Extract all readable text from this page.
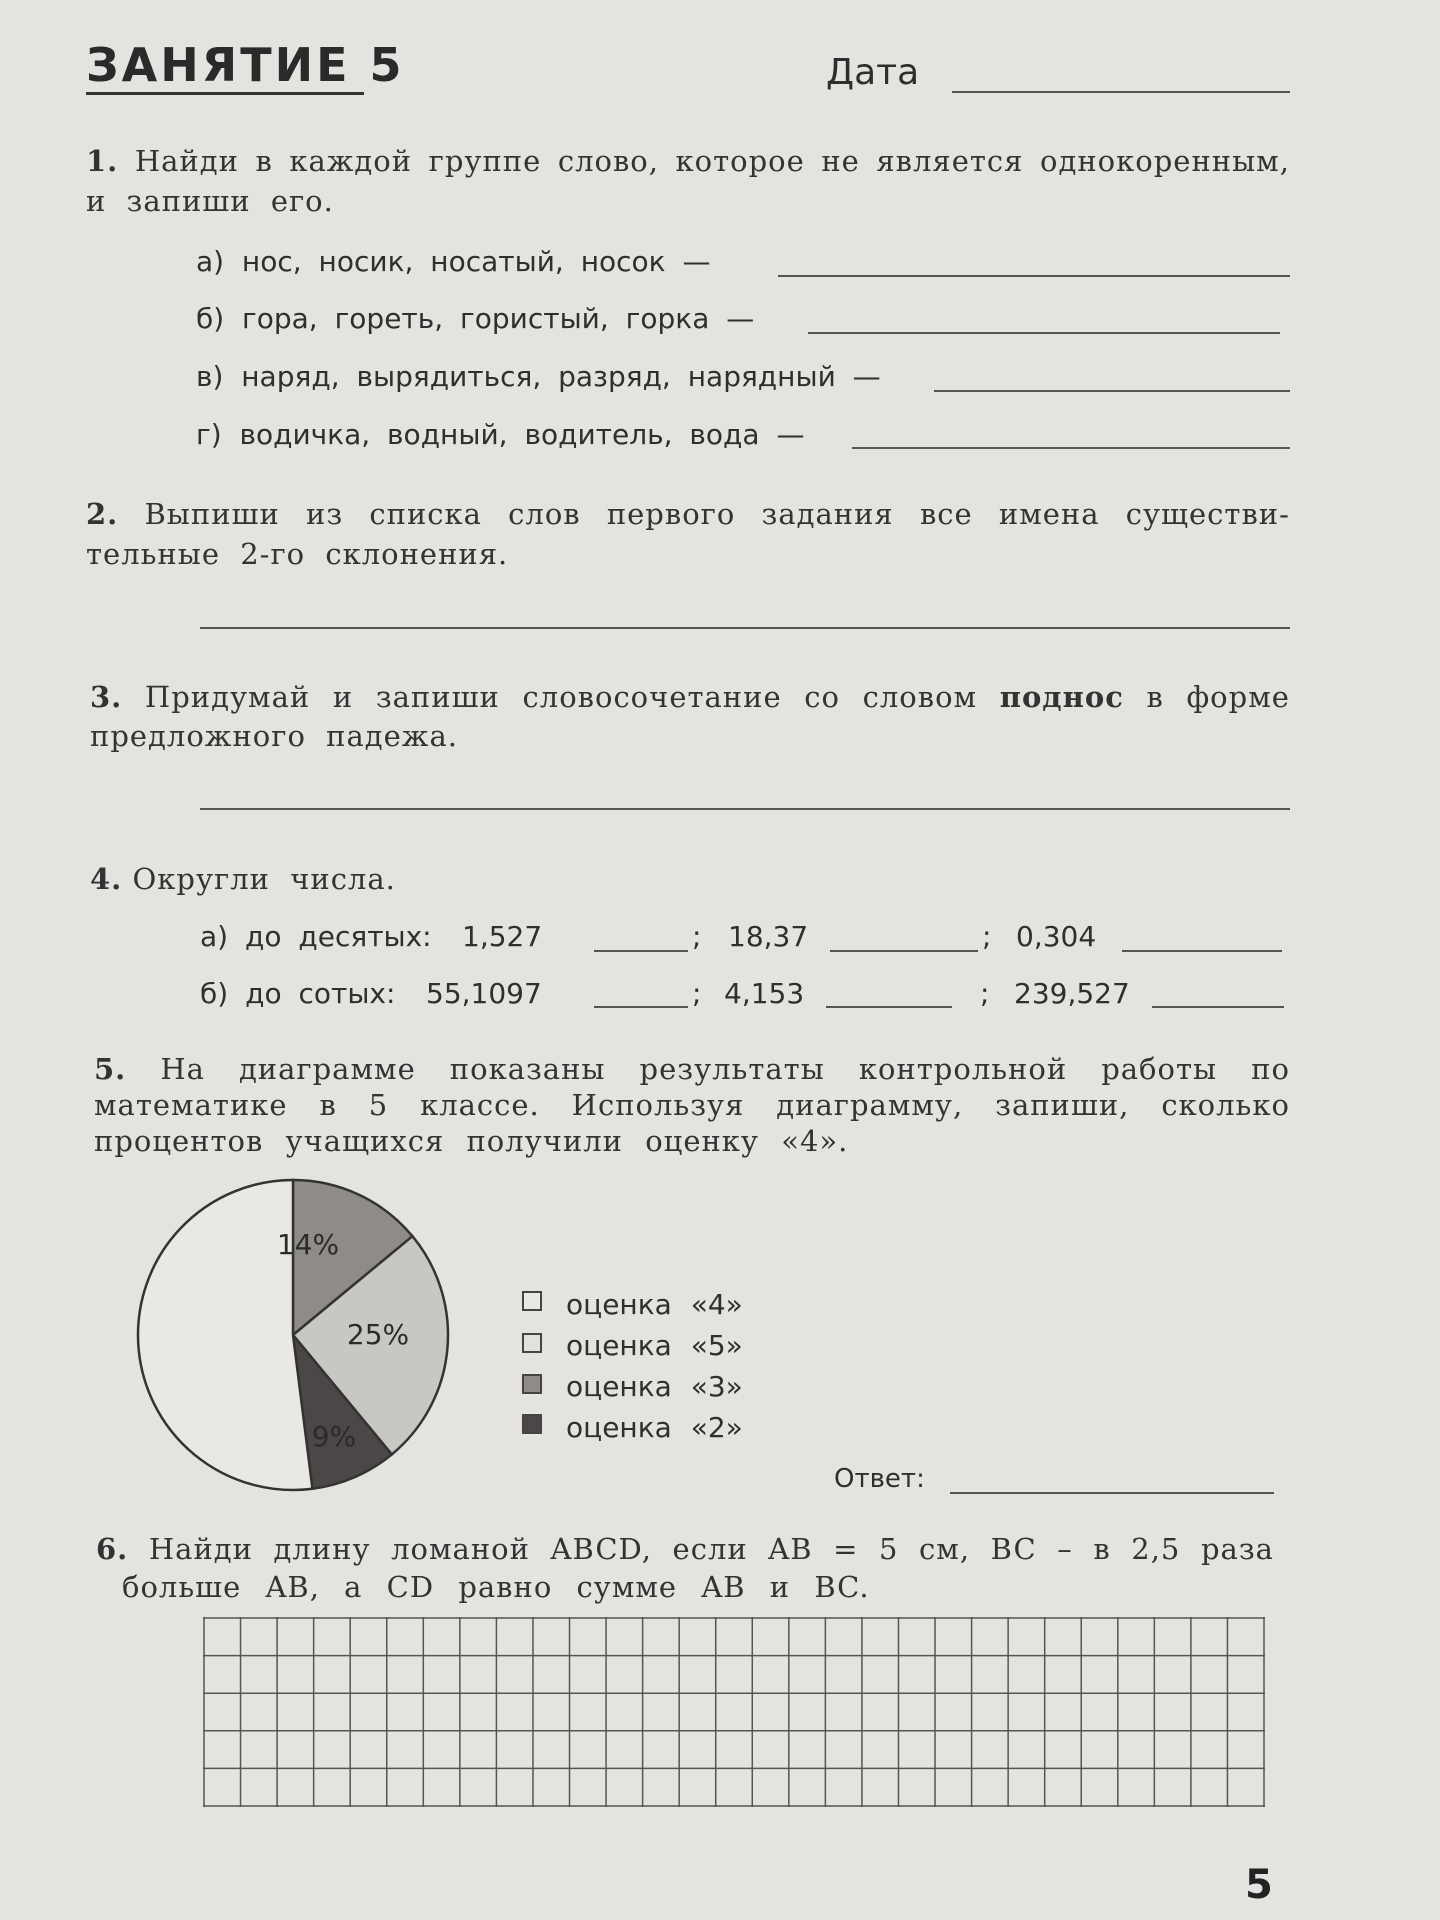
ЗАНЯТИЕ 5	Дата
1. Найди в каждой группе слово, которое не является однокоренным,
и запиши его.
а) нос, носик, носатый, носок —
б) гора, гореть, гористый, горка —
в) наряд, вырядиться, разряд, нарядный —
г) водичка, водный, водитель, вода —
2. Выпиши из списка слов первого задания все имена существи-
тельные 2-го склонения.
3. Придумай и запиши словосочетание со словом поднос в форме
предложного падежа.
4. Округли числа.
а) до десятых: 1,527	; 18,37	; 0,304
б) до сотых: 55,1097	; 4,153	; 239,527
5. На диаграмме показаны результаты контрольной работы по
математике в 5 классе. Используя диаграмму, запиши, сколько
процентов учащихся получили оценку «4».
14%
25%
9%
оценка «4»
оценка «5»
оценка «3»
оценка «2»
Ответ:
6. Найди длину ломаной ABCD, если AB = 5 см, BC – в 2,5 раза
больше AB, а CD равно сумме AB и BC.
5
